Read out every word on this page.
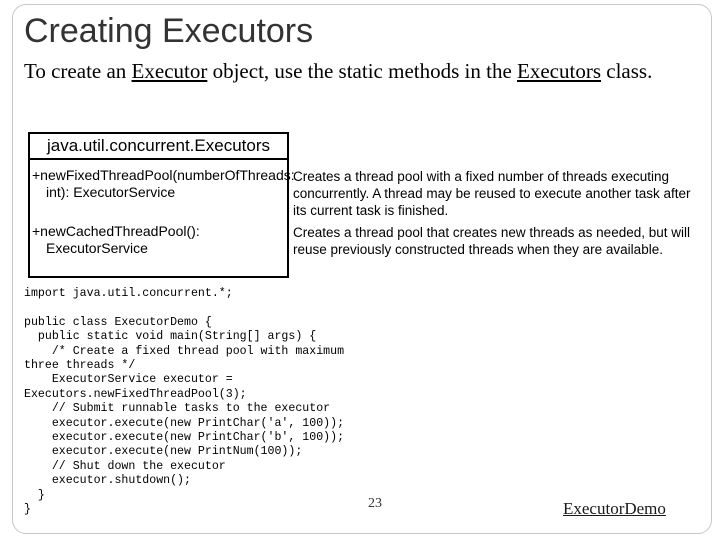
Creating Executors
To create an Executor object, use the static methods in the Executors class.
java.util.concurrent.Executors
+newFixedThreadPool(numberOfThreads:
int): ExecutorService
+newCachedThreadPool():
ExecutorService
Creates a thread pool with a fixed number of threads executing concurrently. A thread may be reused to execute another task after its current task is finished.
Creates a thread pool that creates new threads as needed, but will reuse previously constructed threads when they are available.
import java.util.concurrent.*;

public class ExecutorDemo {
public static void main(String[] args) {
/* Create a fixed thread pool with maximum
three threads */
ExecutorService executor =
Executors.newFixedThreadPool(3);
// Submit runnable tasks to the executor
executor.execute(new PrintChar('a', 100));
executor.execute(new PrintChar('b', 100));
executor.execute(new PrintNum(100));
// Shut down the executor
executor.shutdown();
}
}	23	ExecutorDemo
